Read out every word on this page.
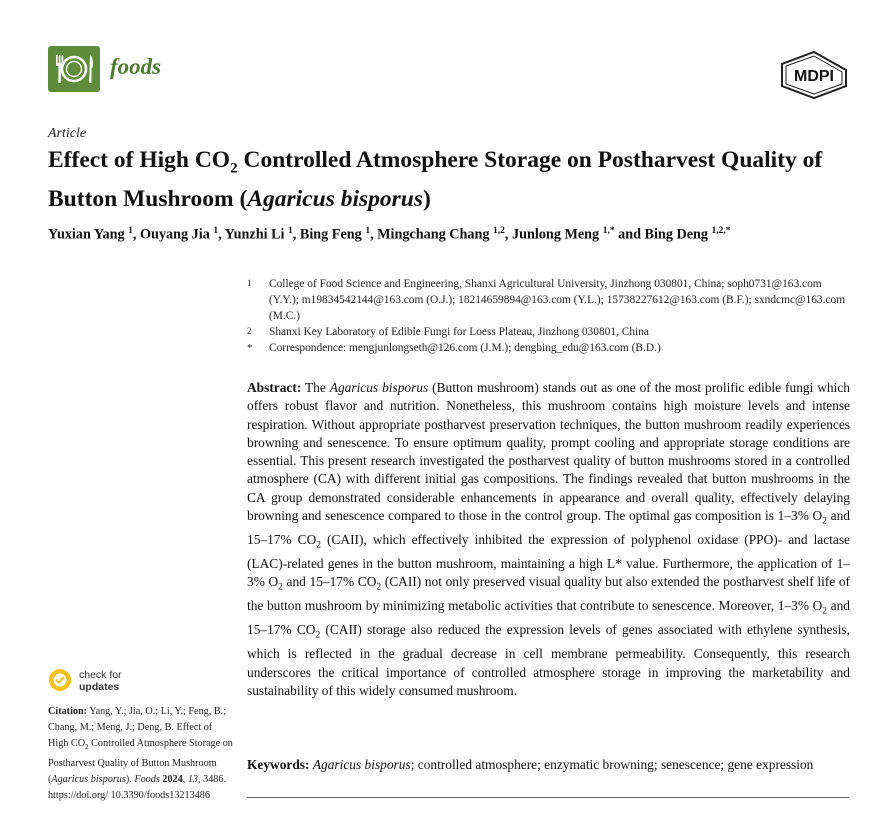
foods	MDPI
Article
Effect of High $CO_2$ Controlled Atmosphere Storage on Postharvest Quality of Button Mushroom (Agaricus bisporus)
Yuxian Yang $^1$, Ouyang Jia $^1$, Yunzhi Li $^1$, Bing Feng $^1$, Mingchang Chang $^{1,2}$, Junlong Meng $^{1,*}$ and Bing Deng $^{1,2,*}$
1 College of Food Science and Engineering, Shanxi Agricultural University, Jinzhong 030801, China; soph0731@163.com (Y.Y.); m19834542144@163.com (O.J.); 18214659894@163.com (Y.L.); 15738227612@163.com (B.F.); sxndcmc@163.com (M.C.)
2 Shanxi Key Laboratory of Edible Fungi for Loess Plateau, Jinzhong 030801, China
* Correspondence: mengjunlongseth@126.com (J.M.); dengbing_edu@163.com (B.D.)
Abstract: The Agaricus bisporus (Button mushroom) stands out as one of the most prolific edible fungi which offers robust flavor and nutrition. Nonetheless, this mushroom contains high moisture levels and intense respiration. Without appropriate postharvest preservation techniques, the button mushroom readily experiences browning and senescence. To ensure optimum quality, prompt cooling and appropriate storage conditions are essential. This present research investigated the postharvest quality of button mushrooms stored in a controlled atmosphere (CA) with different initial gas compositions. The findings revealed that button mushrooms in the CA group demonstrated considerable enhancements in appearance and overall quality, effectively delaying browning and senescence compared to those in the control group. The optimal gas composition is 1–3% $O_2$ and 15–17% $CO_2$ (CAII), which effectively inhibited the expression of polyphenol oxidase (PPO)- and lactase (LAC)-related genes in the button mushroom, maintaining a high L* value. Furthermore, the application of 1–3% $O_2$ and 15–17% $CO_2$ (CAII) not only preserved visual quality but also extended the postharvest shelf life of the button mushroom by minimizing metabolic activities that contribute to senescence. Moreover, 1–3% $O_2$ and 15–17% $CO_2$ (CAII) storage also reduced the expression levels of genes associated with ethylene synthesis, which is reflected in the gradual decrease in cell membrane permeability. Consequently, this research underscores the critical importance of controlled atmosphere storage in improving the marketability and sustainability of this widely consumed mushroom.
Keywords: Agaricus bisporus; controlled atmosphere; enzymatic browning; senescence; gene expression
check for
updates
Citation: Yang, Y.; Jia, O.; Li, Y.; Feng, B.; Chang, M.; Meng, J.; Deng, B. Effect of High $CO_2$ Controlled Atmosphere Storage on Postharvest Quality of Button Mushroom (Agaricus bisporus). Foods 2024, 13, 3486. https://doi.org/ 10.3390/foods13213486
